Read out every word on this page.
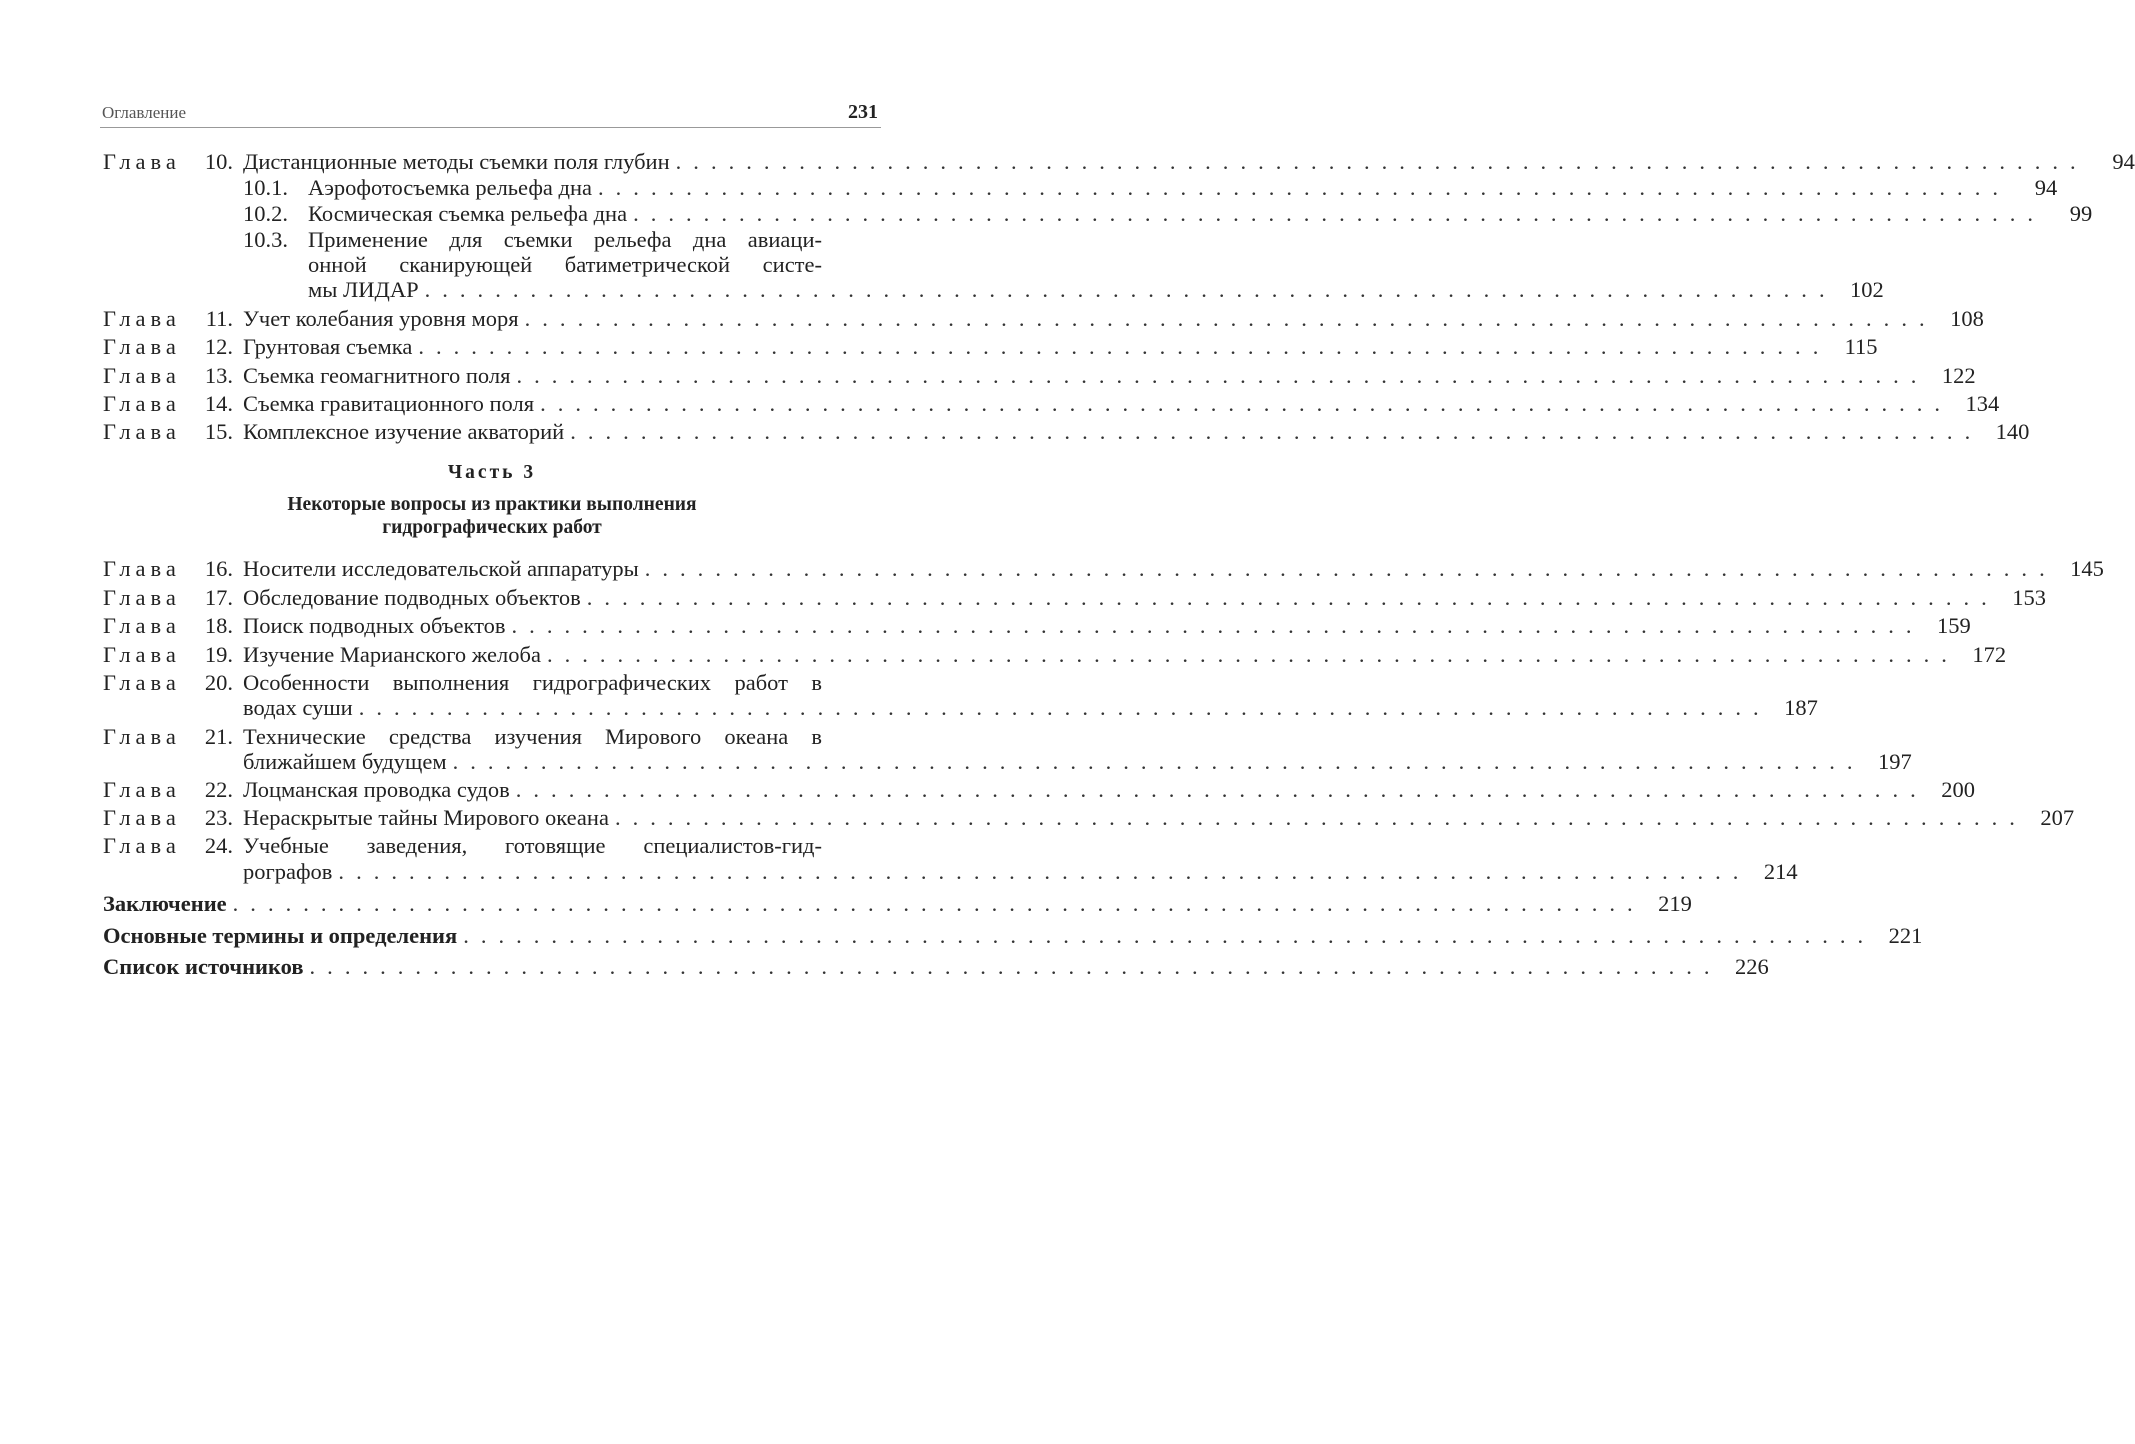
Оглавление	231
Глава	10. Дистанционные методы съемки поля глубин . . . . . . . . . . . . . . . . . . . . . . . . . . . . . . . . . . . . . . . . . . . . . . . . . . . . . . . . . . . . . . . . . . . . . . . . . . . . . . . .	94
10.1. Аэрофотосъемка рельефа дна . . . . . . . . . . . . . . . . . . . . . . . . . . . . . . . . . . . . . . . . . . . . . . . . . . . . . . . . . . . . . . . . . . . . . . . . . . . . . . . .	94
10.2. Космическая съемка рельефа дна . . . . . . . . . . . . . . . . . . . . . . . . . . . . . . . . . . . . . . . . . . . . . . . . . . . . . . . . . . . . . . . . . . . . . . . . . . . . . . . .	99
10.3. Применение для съемки рельефа дна авиаци-
онной сканирующей батиметрической систе-
мы ЛИДАР . . . . . . . . . . . . . . . . . . . . . . . . . . . . . . . . . . . . . . . . . . . . . . . . . . . . . . . . . . . . . . . . . . . . . . . . . . . . . . . . 102
Глава	11. Учет колебания уровня моря . . . . . . . . . . . . . . . . . . . . . . . . . . . . . . . . . . . . . . . . . . . . . . . . . . . . . . . . . . . . . . . . . . . . . . . . . . . . . . . . 108
Глава	12. Грунтовая съемка . . . . . . . . . . . . . . . . . . . . . . . . . . . . . . . . . . . . . . . . . . . . . . . . . . . . . . . . . . . . . . . . . . . . . . . . . . . . . . . .	115
Глава	13. Съемка геомагнитного поля . . . . . . . . . . . . . . . . . . . . . . . . . . . . . . . . . . . . . . . . . . . . . . . . . . . . . . . . . . . . . . . . . . . . . . . . . . . . . . . . 122
Глава	14. Съемка гравитационного поля . . . . . . . . . . . . . . . . . . . . . . . . . . . . . . . . . . . . . . . . . . . . . . . . . . . . . . . . . . . . . . . . . . . . . . . . . . . . . . . . 134
Глава	15. Комплексное изучение акваторий . . . . . . . . . . . . . . . . . . . . . . . . . . . . . . . . . . . . . . . . . . . . . . . . . . . . . . . . . . . . . . . . . . . . . . . . . . . . . . . . 140
Часть 3
Некоторые вопросы из практики выполнения
гидрографических работ
Глава	16. Носители исследовательской аппаратуры . . . . . . . . . . . . . . . . . . . . . . . . . . . . . . . . . . . . . . . . . . . . . . . . . . . . . . . . . . . . . . . . . . . . . . . . . . . . . . . . 145
Глава	17. Обследование подводных объектов . . . . . . . . . . . . . . . . . . . . . . . . . . . . . . . . . . . . . . . . . . . . . . . . . . . . . . . . . . . . . . . . . . . . . . . . . . . . . . . . 153
Глава	18. Поиск подводных объектов . . . . . . . . . . . . . . . . . . . . . . . . . . . . . . . . . . . . . . . . . . . . . . . . . . . . . . . . . . . . . . . . . . . . . . . . . . . . . . . . 159
Глава	19. Изучение Марианского желоба . . . . . . . . . . . . . . . . . . . . . . . . . . . . . . . . . . . . . . . . . . . . . . . . . . . . . . . . . . . . . . . . . . . . . . . . . . . . . . . . 172
Глава	20. Особенности выполнения гидрографических работ в
водах суши . . . . . . . . . . . . . . . . . . . . . . . . . . . . . . . . . . . . . . . . . . . . . . . . . . . . . . . . . . . . . . . . . . . . . . . . . . . . . . . . 187
Глава	21. Технические средства изучения Мирового океана в
ближайшем будущем . . . . . . . . . . . . . . . . . . . . . . . . . . . . . . . . . . . . . . . . . . . . . . . . . . . . . . . . . . . . . . . . . . . . . . . . . . . . . . . . 197
Глава	22. Лоцманская проводка судов . . . . . . . . . . . . . . . . . . . . . . . . . . . . . . . . . . . . . . . . . . . . . . . . . . . . . . . . . . . . . . . . . . . . . . . . . . . . . . . . 200
Глава	23. Нераскрытые тайны Мирового океана . . . . . . . . . . . . . . . . . . . . . . . . . . . . . . . . . . . . . . . . . . . . . . . . . . . . . . . . . . . . . . . . . . . . . . . . . . . . . . . . 207
Глава	24. Учебные заведения, готовящие специалистов-гид-
рографов . . . . . . . . . . . . . . . . . . . . . . . . . . . . . . . . . . . . . . . . . . . . . . . . . . . . . . . . . . . . . . . . . . . . . . . . . . . . . . . . 214
Заключение . . . . . . . . . . . . . . . . . . . . . . . . . . . . . . . . . . . . . . . . . . . . . . . . . . . . . . . . . . . . . . . . . . . . . . . . . . . . . . . . 219
Основные термины и определения . . . . . . . . . . . . . . . . . . . . . . . . . . . . . . . . . . . . . . . . . . . . . . . . . . . . . . . . . . . . . . . . . . . . . . . . . . . . . . . . 221
Список источников . . . . . . . . . . . . . . . . . . . . . . . . . . . . . . . . . . . . . . . . . . . . . . . . . . . . . . . . . . . . . . . . . . . . . . . . . . . . . . . . 226
